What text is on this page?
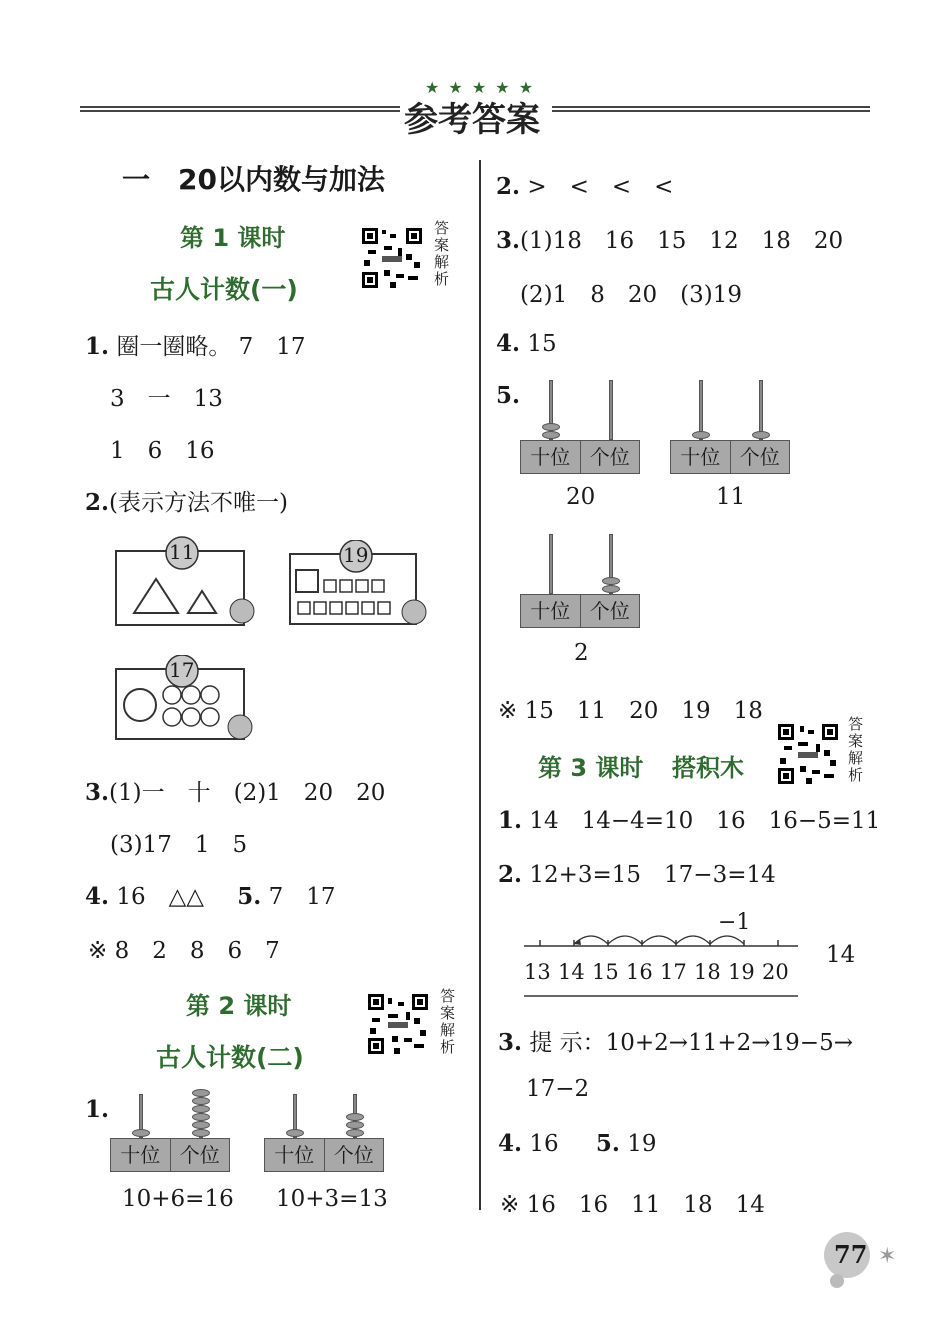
★ ★ ★ ★ ★
参考答案
一　20以内数与加法
第 1 课时
古人计数(一)
答案解析
1. 圈一圈略。 7　17
3　一　13
1　6　16
2.(表示方法不唯一)
11	19
17
3.(1)一　十　(2)1　20　20
(3)17　1　5
4. 16　△△ 5. 7　17
※ 8　2　8　6　7
第 2 课时
古人计数(二)
答案解析
1.
十位 个位
10+6=16
十位 个位
10+3=13
2. >　<　<　<
3.(1)18　16　15　12　18　20
(2)1　8　20　(3)19
4. 15
5.
十位 个位
20
十位 个位
11
十位 个位
2
※ 15　11　20　19　18
第 3 课时 搭积木
答案解析
1. 14　14−4=10　16　16−5=11
2. 12+3=15　17−3=14
−1
13 14 15 16 17 18 19 20
14
3. 提 示：10+2→11+2→19−5→
17−2
4. 16 5. 19
※ 16　16　11　18　14
77 ✶
